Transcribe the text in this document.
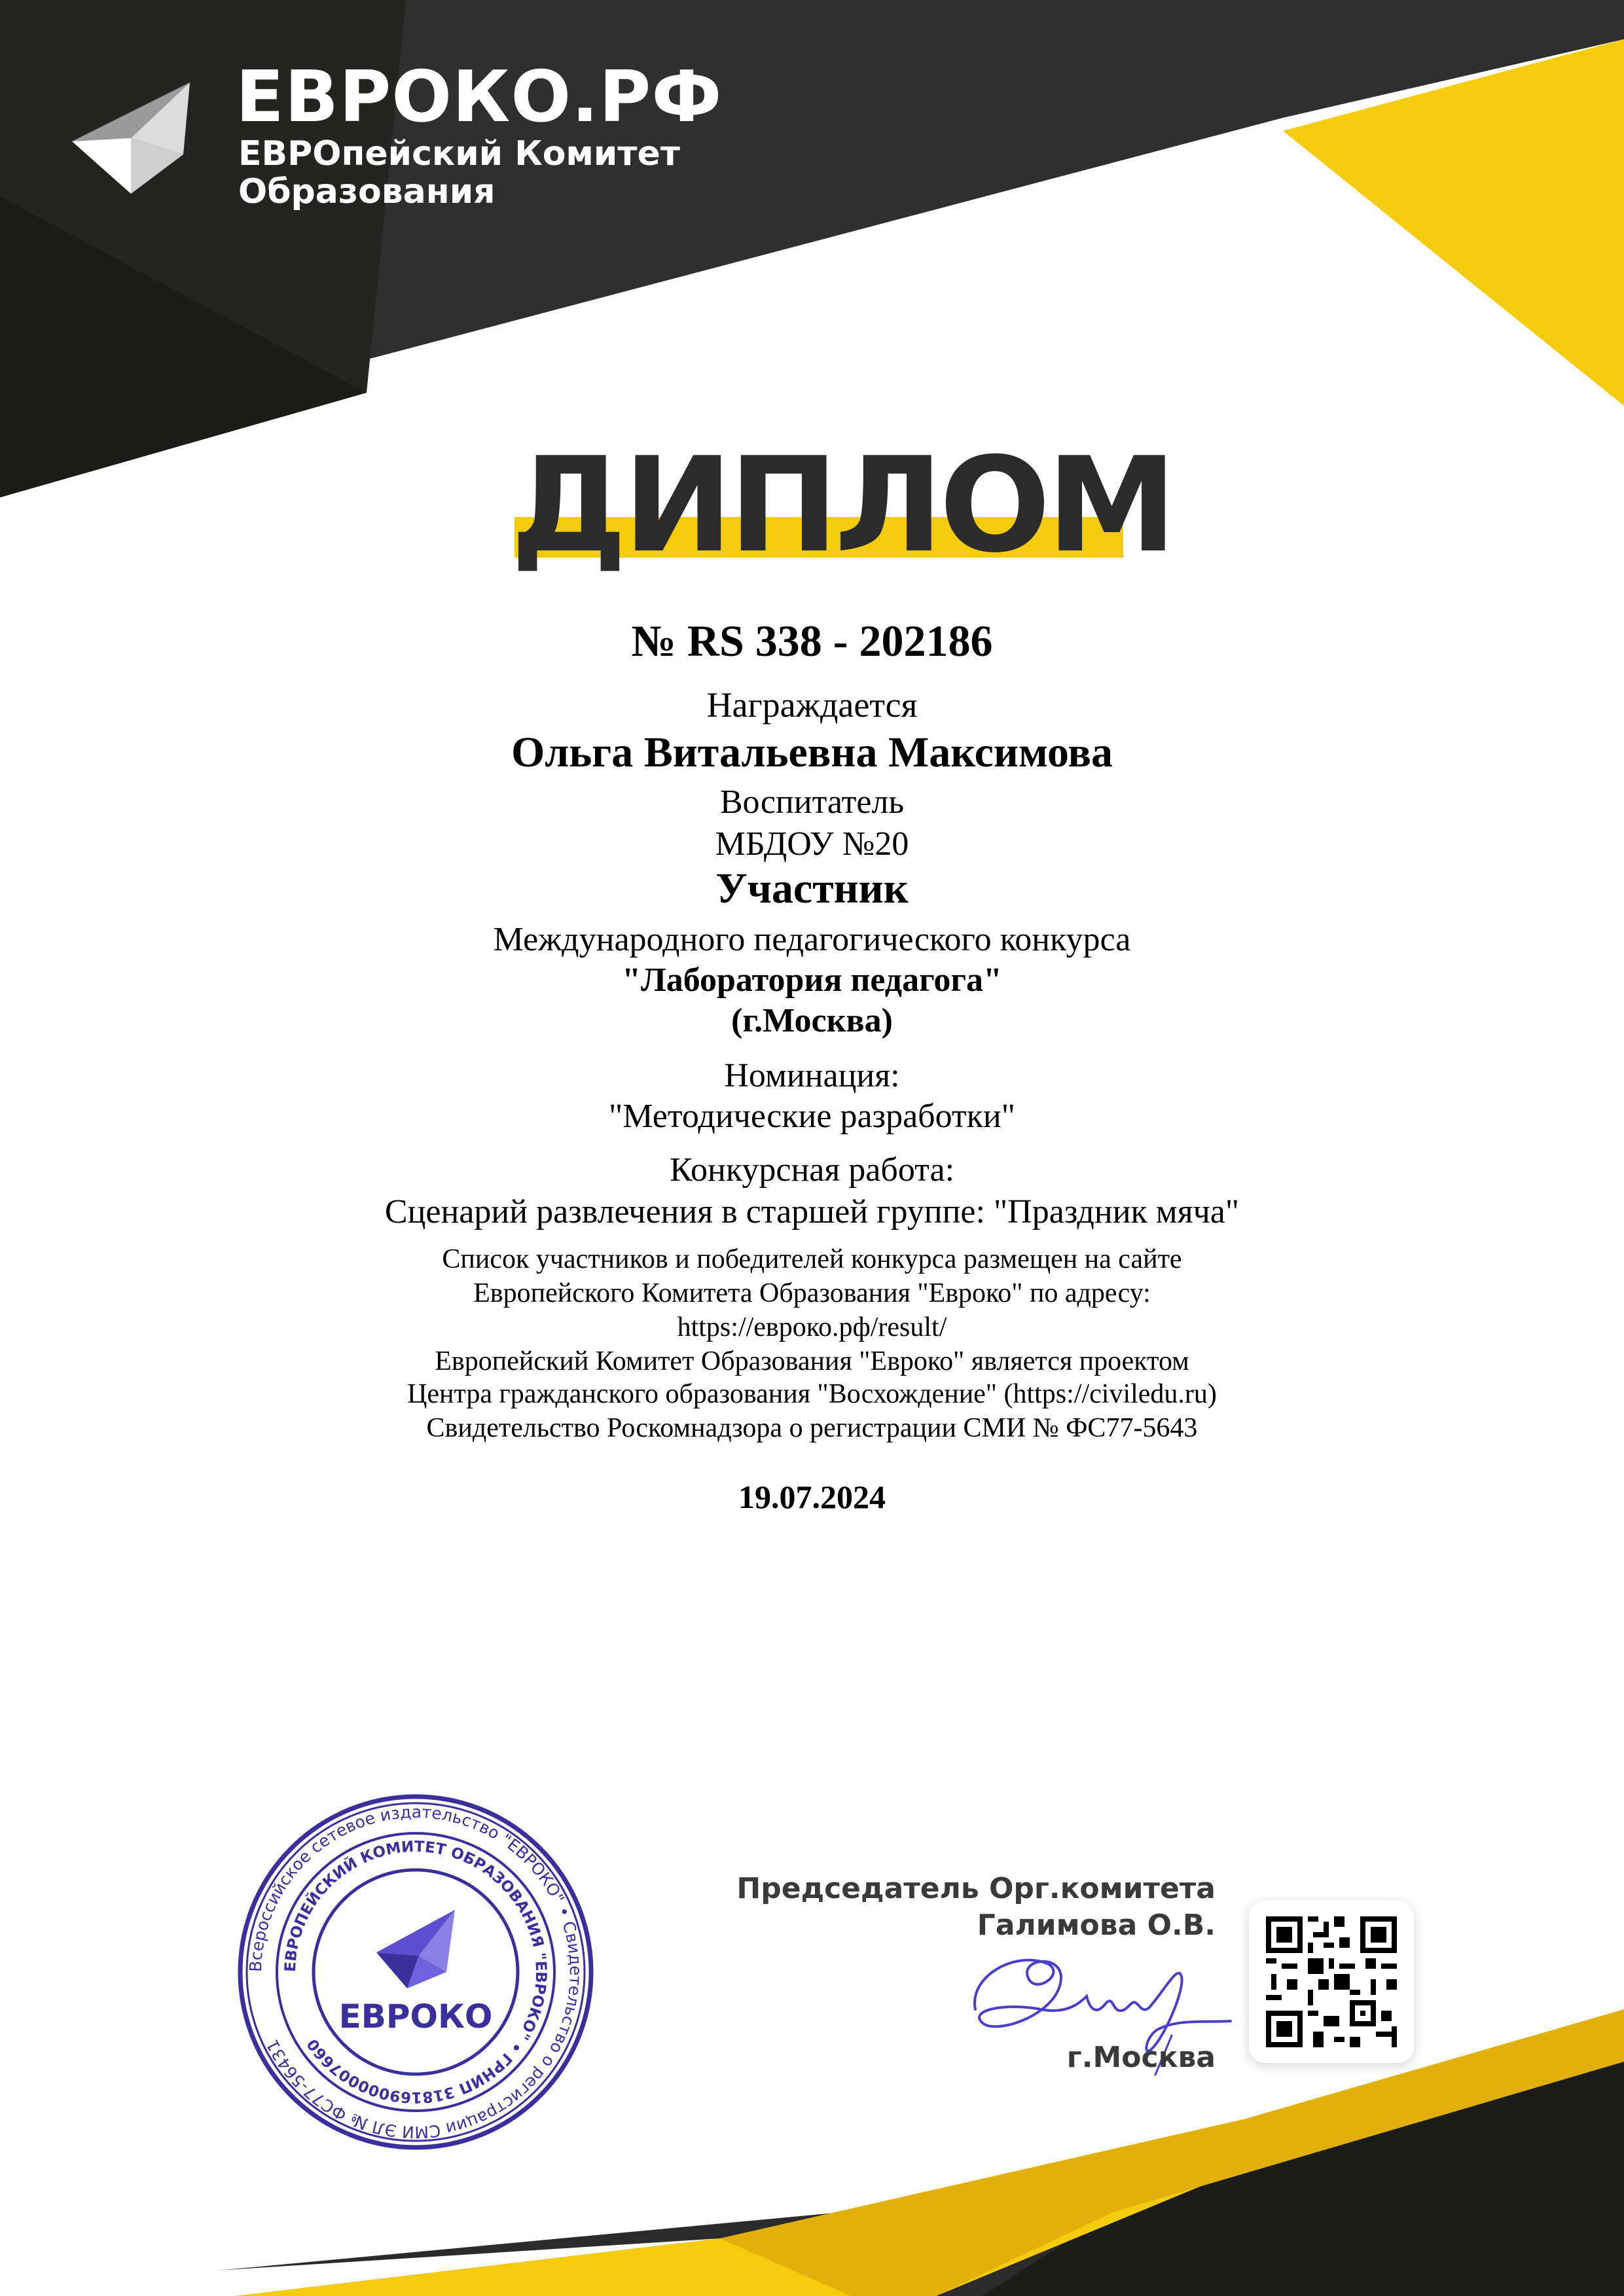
ЕВРОКО.РФ
ЕВРОпейский Комитет
Образования
ДИПЛОМ
№ RS 338 - 202186
Награждается
Ольга Витальевна Максимова
Воспитатель
МБДОУ №20
Участник
Международного педагогического конкурса
"Лаборатория педагога"
(г.Москва)
Номинация:
"Методические разработки"
Конкурсная работа:
Сценарий развлечения в старшей группе: "Праздник мяча"
Список участников и победителей конкурса размещен на сайте
Европейского Комитета Образования "Евроко" по адресу:
https://евроко.рф/result/
Европейский Комитет Образования "Евроко" является проектом
Центра гражданского образования "Восхождение" (https://civiledu.ru)
Свидетельство Роскомнадзора о регистрации СМИ № ФС77-5643
19.07.2024
Всероссийское сетевое издательство "ЕВРОКО" • Свидетельство о регистрации СМИ ЭЛ № ФС77-56431
ЕВРОПЕЙСКИЙ КОМИТЕТ ОБРАЗОВАНИЯ "ЕВРОКО" • ГРНИП 318169000007660
ЕВРОКО
Председатель Орг.комитета
Галимова О.В.
г.Москва
